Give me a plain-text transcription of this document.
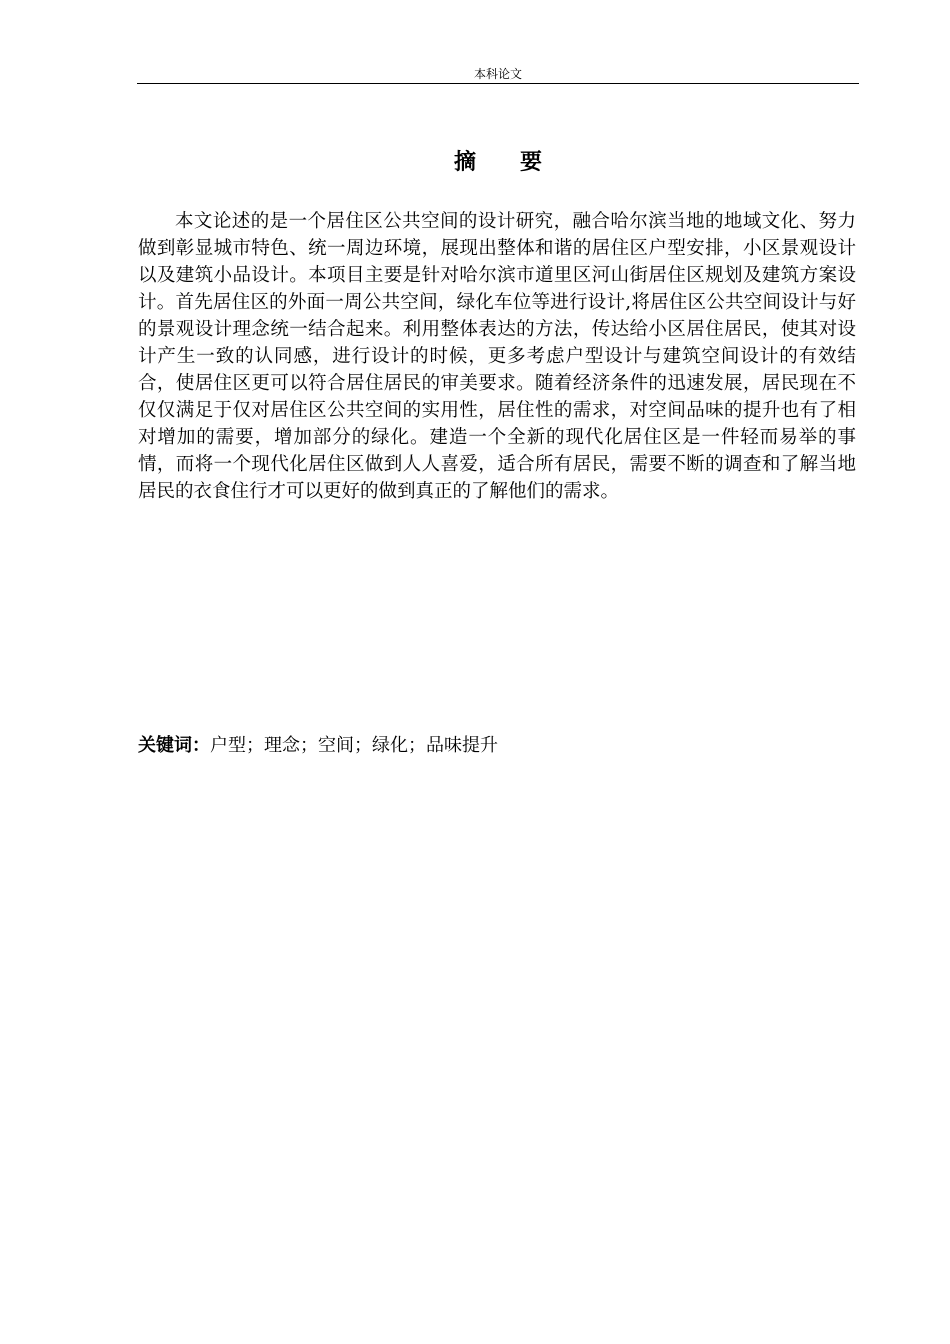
本科论文
摘要

本文论述的是一个居住区公共空间的设计研究，融合哈尔滨当地的地域文化、努力做到彰显城市特色、统一周边环境，展现出整体和谐的居住区户型安排，小区景观设计以及建筑小品设计。本项目主要是针对哈尔滨市道里区河山街居住区规划及建筑方案设计。首先居住区的外面一周公共空间，绿化车位等进行设计,将居住区公共空间设计与好的景观设计理念统一结合起来。利用整体表达的方法，传达给小区居住居民，使其对设计产生一致的认同感，进行设计的时候，更多考虑户型设计与建筑空间设计的有效结合，使居住区更可以符合居住居民的审美要求。随着经济条件的迅速发展，居民现在不仅仅满足于仅对居住区公共空间的实用性，居住性的需求，对空间品味的提升也有了相对增加的需要，增加部分的绿化。建造一个全新的现代化居住区是一件轻而易举的事情，而将一个现代化居住区做到人人喜爱，适合所有居民，需要不断的调查和了解当地居民的衣食住行才可以更好的做到真正的了解他们的需求。

关键词：户型；理念；空间；绿化；品味提升
